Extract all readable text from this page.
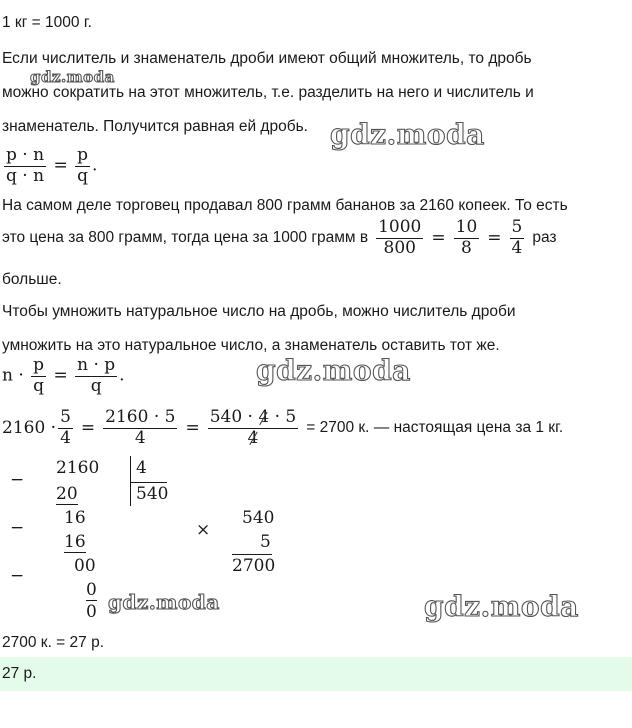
1 кг = 1000 г.
Если числитель и знаменатель дроби имеют общий множитель, то дробь
gdz.moda
можно сократить на этот множитель, т.е. разделить на него и числитель и
знаменатель. Получится равная ей дробь. gdz.moda
$\frac{p \cdot n}{q \cdot n} = \frac{p}{q}$ .
На самом деле торговец продавал 800 грамм бананов за 2160 копеек. То есть
это цена за 800 грамм, тогда цена за 1000 грамм в $\frac{1000}{800} = \frac{10}{8} = \frac{5}{4}$ раз
больше.
Чтобы умножить натуральное число на дробь, можно числитель дроби
умножить на это натуральное число, а знаменатель оставить тот же.
$n \cdot \frac{p}{q} = \frac{n \cdot p}{q}$ .	gdz.moda
$2160 \cdot \frac{5}{4} = \frac{2160 \cdot 5}{4} = \frac{540 \cdot 4 \cdot 5}{4} = 2700$ к. — настоящая цена за 1 кг.
−
2160
20
4
540
− 16
16
−	00
0
0 gdz.moda
×
540
5
2700
gdz.moda
2700 к. = 27 р.
27 р.
